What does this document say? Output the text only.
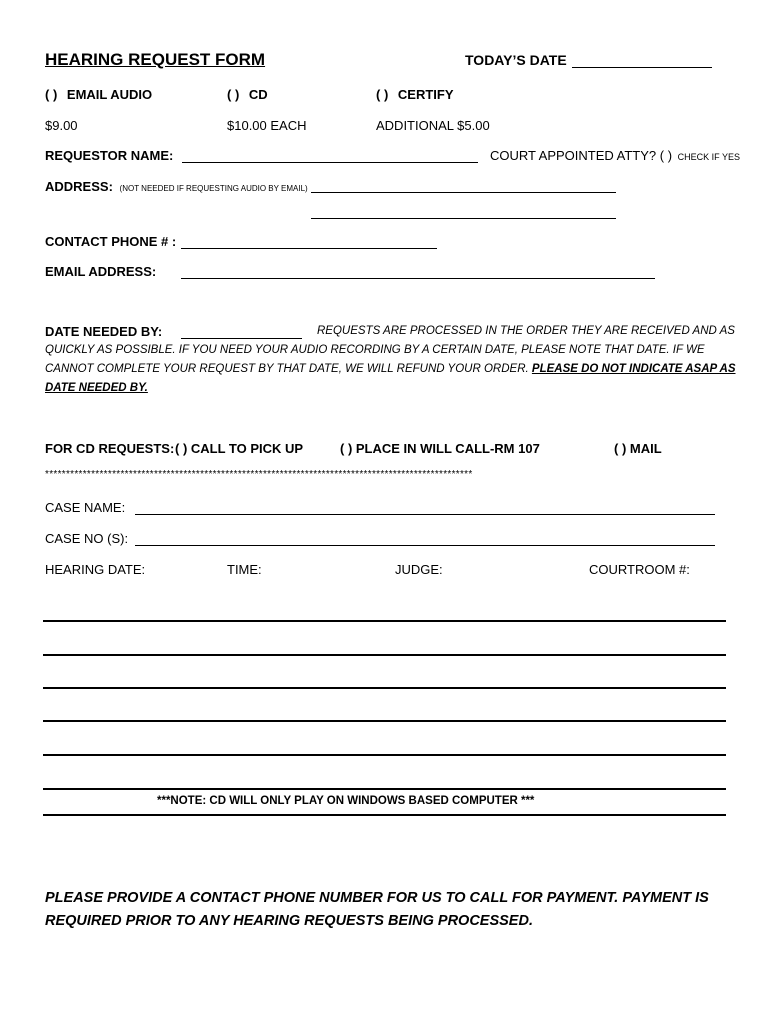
HEARING REQUEST FORM	TODAY’S DATE
( ) EMAIL AUDIO	( ) CD	( ) CERTIFY
$9.00	$10.00 EACH	ADDITIONAL $5.00
REQUESTOR NAME:	COURT APPOINTED ATTY? ( ) CHECK IF YES
ADDRESS: (NOT NEEDED IF REQUESTING AUDIO BY EMAIL)
CONTACT PHONE # :
EMAIL ADDRESS:
DATE NEEDED BY:	REQUESTS ARE PROCESSED IN THE ORDER THEY ARE RECEIVED AND AS
QUICKLY AS POSSIBLE. IF YOU NEED YOUR AUDIO RECORDING BY A CERTAIN DATE, PLEASE NOTE THAT DATE. IF WE
CANNOT COMPLETE YOUR REQUEST BY THAT DATE, WE WILL REFUND YOUR ORDER. PLEASE DO NOT INDICATE ASAP AS
DATE NEEDED BY.
FOR CD REQUESTS: ( ) CALL TO PICK UP	( ) PLACE IN WILL CALL-RM 107	( ) MAIL
******************************************************************************************************
CASE NAME:
CASE NO (S):
HEARING DATE:	TIME:	JUDGE:	COURTROOM #:
***NOTE: CD WILL ONLY PLAY ON WINDOWS BASED COMPUTER ***
PLEASE PROVIDE A CONTACT PHONE NUMBER FOR US TO CALL FOR PAYMENT. PAYMENT IS
REQUIRED PRIOR TO ANY HEARING REQUESTS BEING PROCESSED.
